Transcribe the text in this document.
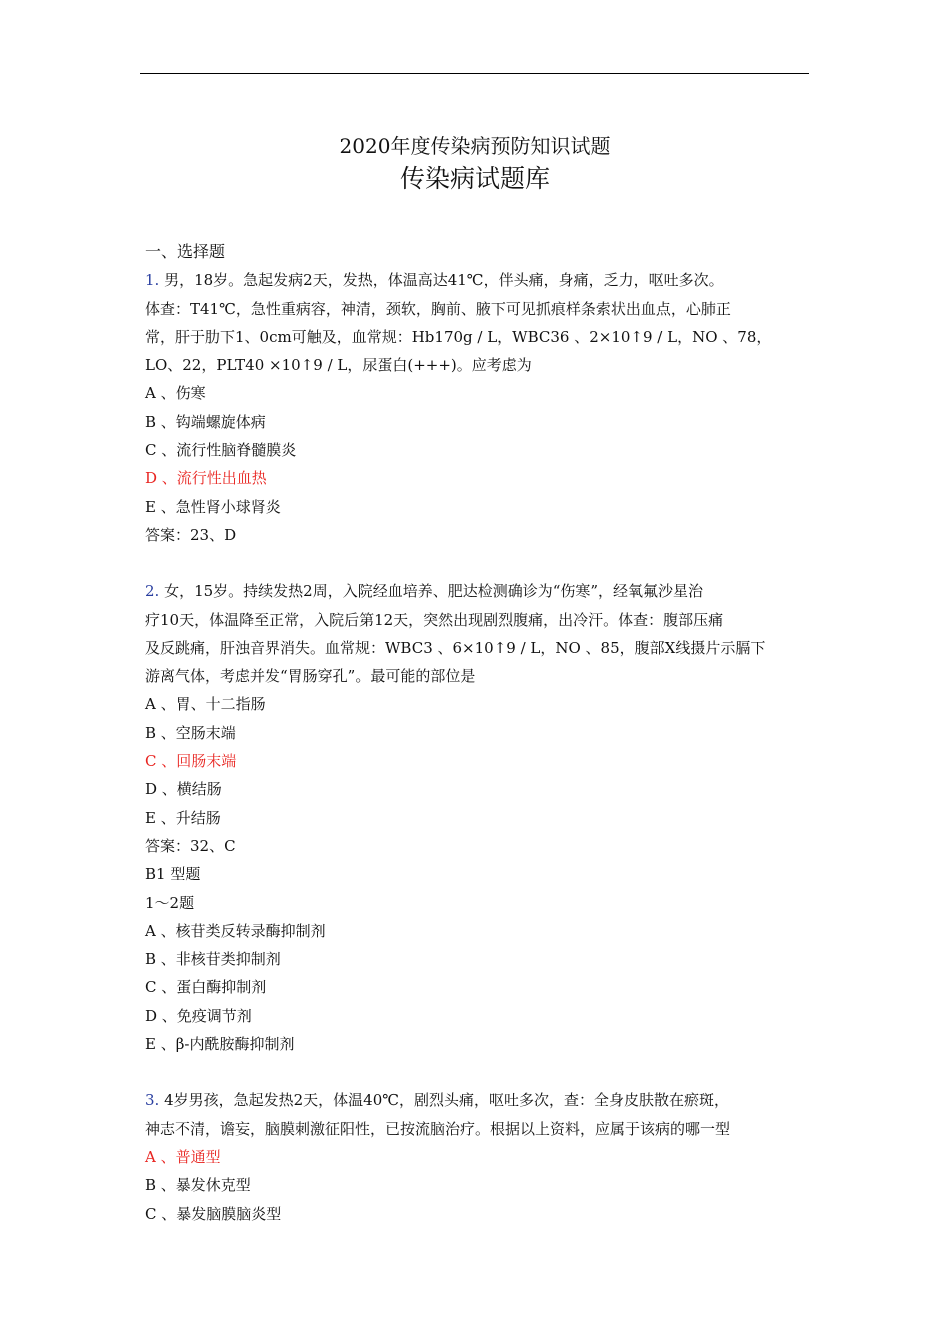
2020年度传染病预防知识试题
传染病试题库
一、选择题
1. 男，18岁。急起发病2天，发热，体温高达41℃，伴头痛，身痛，乏力，呕吐多次。
体查：T41℃，急性重病容，神清，颈软，胸前、腋下可见抓痕样条索状出血点，心肺正
常，肝于肋下1、0cm可触及，血常规：Hb170g / L，WBC36 、2×10↑9 / L，NO 、78，
LO、22，PLT40 ×10↑9 / L，尿蛋白(+++)。应考虑为
A 、伤寒
B 、钩端螺旋体病
C 、流行性脑脊髓膜炎
D 、流行性出血热
E 、急性肾小球肾炎
答案：23、D
2. 女，15岁。持续发热2周，入院经血培养、肥达检测确诊为“伤寒”，经氧氟沙星治
疗10天，体温降至正常，入院后第12天，突然出现剧烈腹痛，出冷汗。体查：腹部压痛
及反跳痛，肝浊音界消失。血常规：WBC3 、6×10↑9 / L，NO 、85，腹部X线摄片示膈下
游离气体，考虑并发“胃肠穿孔”。最可能的部位是
A 、胃、十二指肠
B 、空肠末端
C 、回肠末端
D 、横结肠
E 、升结肠
答案：32、C
B1 型题
1～2题
A 、核苷类反转录酶抑制剂
B 、非核苷类抑制剂
C 、蛋白酶抑制剂
D 、免疫调节剂
E 、β-内酰胺酶抑制剂
3. 4岁男孩，急起发热2天，体温40℃，剧烈头痛，呕吐多次，查：全身皮肤散在瘀斑，
神志不清，谵妄，脑膜刺激征阳性，已按流脑治疗。根据以上资料，应属于该病的哪一型
A 、普通型
B 、暴发休克型
C 、暴发脑膜脑炎型
